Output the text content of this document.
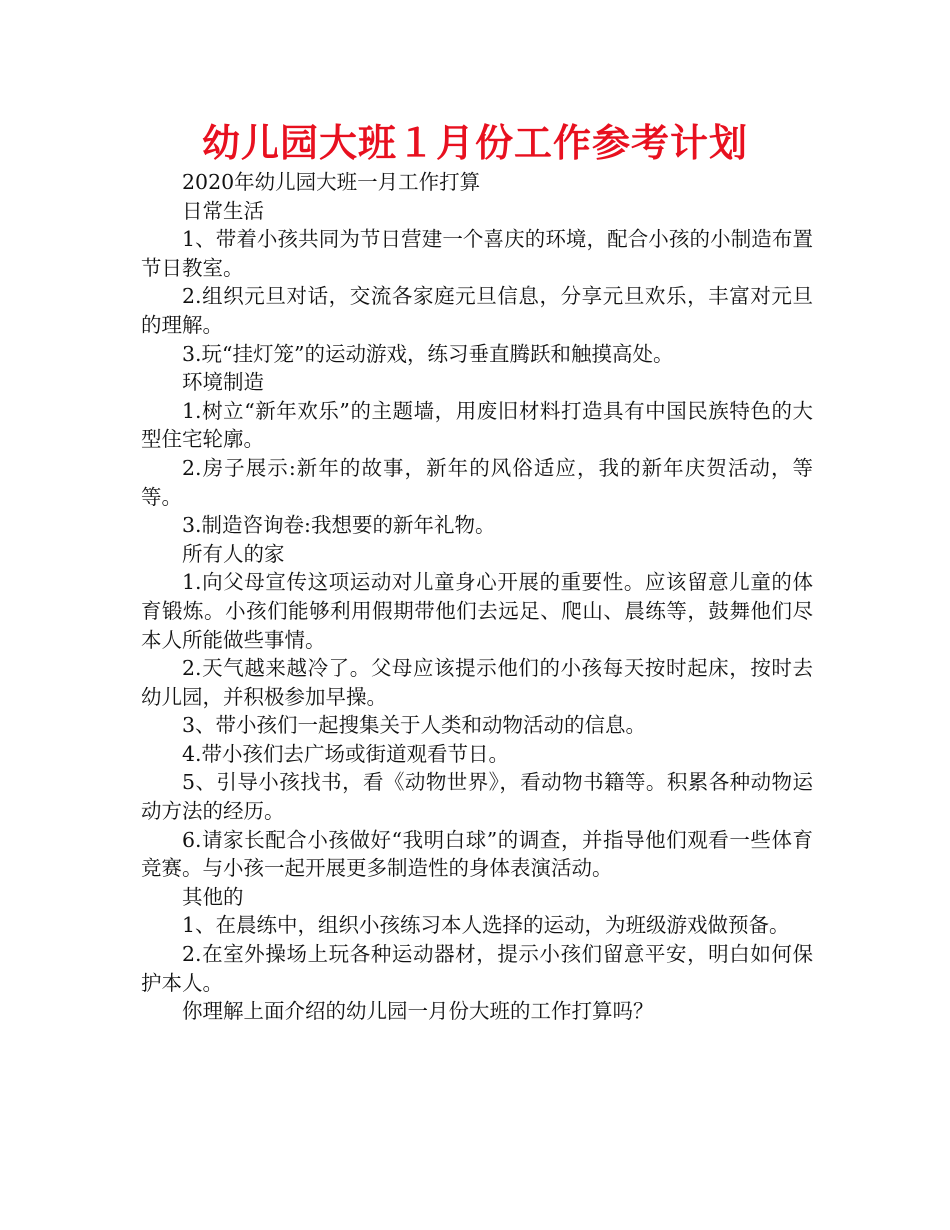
幼儿园大班１月份工作参考计划

2020年幼儿园大班一月工作打算

日常生活

1、带着小孩共同为节日营建一个喜庆的环境，配合小孩的小制造布置节日教室。

2.组织元旦对话，交流各家庭元旦信息，分享元旦欢乐，丰富对元旦的理解。

3.玩“挂灯笼”的运动游戏，练习垂直腾跃和触摸高处。

环境制造

1.树立“新年欢乐”的主题墙，用废旧材料打造具有中国民族特色的大型住宅轮廓。

2.房子展示:新年的故事，新年的风俗适应，我的新年庆贺活动，等等。

3.制造咨询卷:我想要的新年礼物。

所有人的家

1.向父母宣传这项运动对儿童身心开展的重要性。应该留意儿童的体育锻炼。小孩们能够利用假期带他们去远足、爬山、晨练等，鼓舞他们尽本人所能做些事情。

2.天气越来越冷了。父母应该提示他们的小孩每天按时起床，按时去幼儿园，并积极参加早操。

3、带小孩们一起搜集关于人类和动物活动的信息。

4.带小孩们去广场或街道观看节日。

5、引导小孩找书，看《动物世界》，看动物书籍等。积累各种动物运动方法的经历。

6.请家长配合小孩做好“我明白球”的调查，并指导他们观看一些体育竞赛。与小孩一起开展更多制造性的身体表演活动。

其他的

1、在晨练中，组织小孩练习本人选择的运动，为班级游戏做预备。

2.在室外操场上玩各种运动器材，提示小孩们留意平安，明白如何保护本人。

你理解上面介绍的幼儿园一月份大班的工作打算吗？
